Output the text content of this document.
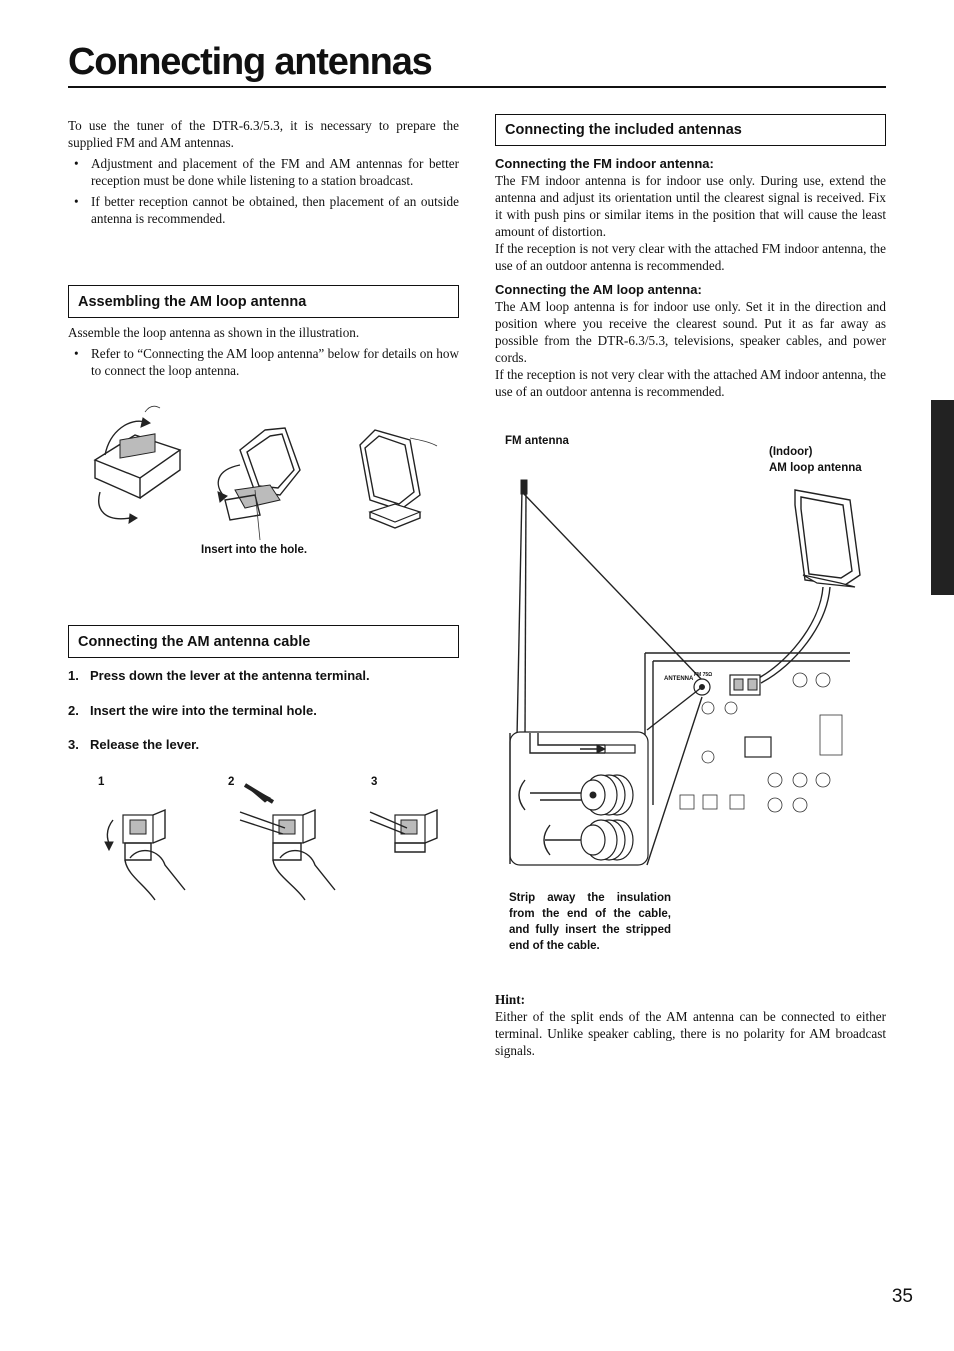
Connecting antennas

To use the tuner of the DTR-6.3/5.3, it is necessary to prepare the supplied FM and AM antennas.

• Adjustment and placement of the FM and AM antennas for better reception must be done while listening to a station broadcast.
• If better reception cannot be obtained, then placement of an outside antenna is recommended.
Assembling the AM loop antenna

Assemble the loop antenna as shown in the illustration.

• Refer to “Connecting the AM loop antenna” below for details on how to connect the loop antenna.
Insert into the hole.
Connecting the AM antenna cable
1. Press down the lever at the antenna terminal.
2. Insert the wire into the terminal hole.
3. Release the lever.
1	2	3
Connecting the included antennas

Connecting the FM indoor antenna:

The FM indoor antenna is for indoor use only. During use, extend the antenna and adjust its orientation until the clearest signal is received. Fix it with push pins or similar items in the position that will cause the least amount of distortion.

If the reception is not very clear with the attached FM indoor antenna, the use of an outdoor antenna is recommended.

Connecting the AM loop antenna:

The AM loop antenna is for indoor use only. Set it in the direction and position where you receive the clearest sound. Put it as far away as possible from the DTR-6.3/5.3, televisions, speaker cables, and power cords.

If the reception is not very clear with the attached AM indoor antenna, the use of an outdoor antenna is recommended.

FM antenna
(Indoor)
AM loop antenna
ANTENNA
FM 75Ω
Strip away the insulation from the end of the cable, and fully insert the stripped end of the cable.

Hint:

Either of the split ends of the AM antenna can be connected to either terminal. Unlike speaker cabling, there is no polarity for AM broadcast signals.

35
